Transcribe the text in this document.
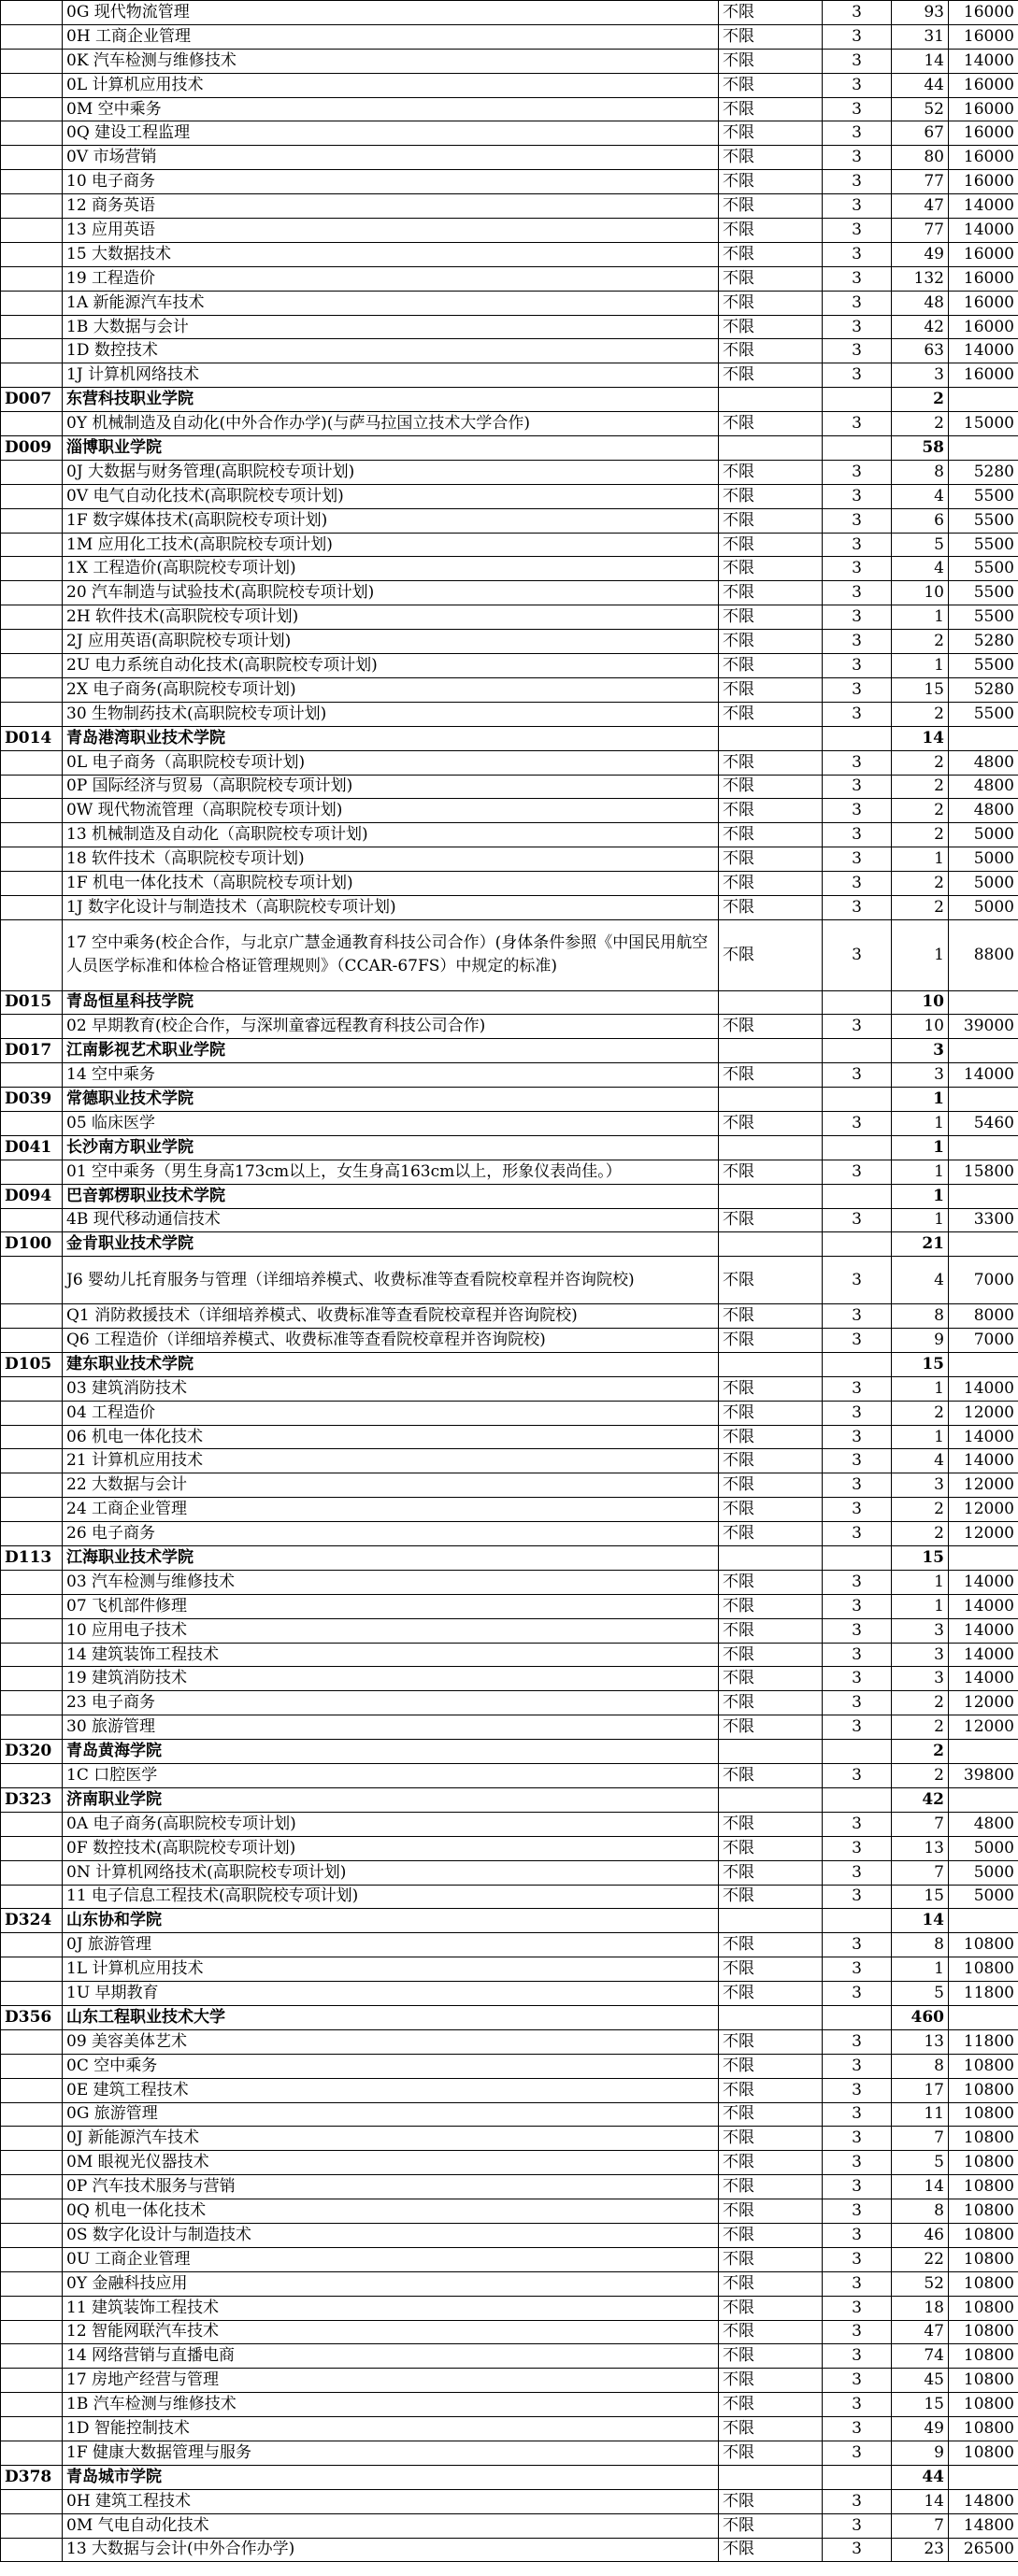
	0G 现代物流管理	不限	3	93	16000
	0H 工商企业管理	不限	3	31	16000
	0K 汽车检测与维修技术	不限	3	14	14000
	0L 计算机应用技术	不限	3	44	16000
	0M 空中乘务	不限	3	52	16000
	0Q 建设工程监理	不限	3	67	16000
	0V 市场营销	不限	3	80	16000
	10 电子商务	不限	3	77	16000
	12 商务英语	不限	3	47	14000
	13 应用英语	不限	3	77	14000
	15 大数据技术	不限	3	49	16000
	19 工程造价	不限	3	132	16000
	1A 新能源汽车技术	不限	3	48	16000
	1B 大数据与会计	不限	3	42	16000
	1D 数控技术	不限	3	63	14000
	1J 计算机网络技术	不限	3	3	16000
D007	东营科技职业学院			2	
	0Y 机械制造及自动化(中外合作办学)(与萨马拉国立技术大学合作)	不限	3	2	15000
D009	淄博职业学院			58	
	0J 大数据与财务管理(高职院校专项计划)	不限	3	8	5280
	0V 电气自动化技术(高职院校专项计划)	不限	3	4	5500
	1F 数字媒体技术(高职院校专项计划)	不限	3	6	5500
	1M 应用化工技术(高职院校专项计划)	不限	3	5	5500
	1X 工程造价(高职院校专项计划)	不限	3	4	5500
	20 汽车制造与试验技术(高职院校专项计划)	不限	3	10	5500
	2H 软件技术(高职院校专项计划)	不限	3	1	5500
	2J 应用英语(高职院校专项计划)	不限	3	2	5280
	2U 电力系统自动化技术(高职院校专项计划)	不限	3	1	5500
	2X 电子商务(高职院校专项计划)	不限	3	15	5280
	30 生物制药技术(高职院校专项计划)	不限	3	2	5500
D014	青岛港湾职业技术学院			14	
	0L 电子商务（高职院校专项计划)	不限	3	2	4800
	0P 国际经济与贸易（高职院校专项计划)	不限	3	2	4800
	0W 现代物流管理（高职院校专项计划)	不限	3	2	4800
	13 机械制造及自动化（高职院校专项计划)	不限	3	2	5000
	18 软件技术（高职院校专项计划)	不限	3	1	5000
	1F 机电一体化技术（高职院校专项计划)	不限	3	2	5000
	1J 数字化设计与制造技术（高职院校专项计划)	不限	3	2	5000
	17 空中乘务(校企合作，与北京广慧金通教育科技公司合作）(身体条件参照《中国民用航空人员医学标准和体检合格证管理规则》（CCAR-67FS）中规定的标准)	不限	3	1	8800
D015	青岛恒星科技学院			10	
	02 早期教育(校企合作，与深圳童睿远程教育科技公司合作)	不限	3	10	39000
D017	江南影视艺术职业学院			3	
	14 空中乘务	不限	3	3	14000
D039	常德职业技术学院			1	
	05 临床医学	不限	3	1	5460
D041	长沙南方职业学院			1	
	01 空中乘务（男生身高173cm以上，女生身高163cm以上，形象仪表尚佳。）	不限	3	1	15800
D094	巴音郭楞职业技术学院			1	
	4B 现代移动通信技术	不限	3	1	3300
D100	金肯职业技术学院			21	
	J6 婴幼儿托育服务与管理（详细培养模式、收费标准等查看院校章程并咨询院校)	不限	3	4	7000
	Q1 消防救援技术（详细培养模式、收费标准等查看院校章程并咨询院校)	不限	3	8	8000
	Q6 工程造价（详细培养模式、收费标准等查看院校章程并咨询院校)	不限	3	9	7000
D105	建东职业技术学院			15	
	03 建筑消防技术	不限	3	1	14000
	04 工程造价	不限	3	2	12000
	06 机电一体化技术	不限	3	1	14000
	21 计算机应用技术	不限	3	4	14000
	22 大数据与会计	不限	3	3	12000
	24 工商企业管理	不限	3	2	12000
	26 电子商务	不限	3	2	12000
D113	江海职业技术学院			15	
	03 汽车检测与维修技术	不限	3	1	14000
	07 飞机部件修理	不限	3	1	14000
	10 应用电子技术	不限	3	3	14000
	14 建筑装饰工程技术	不限	3	3	14000
	19 建筑消防技术	不限	3	3	14000
	23 电子商务	不限	3	2	12000
	30 旅游管理	不限	3	2	12000
D320	青岛黄海学院			2	
	1C 口腔医学	不限	3	2	39800
D323	济南职业学院			42	
	0A 电子商务(高职院校专项计划)	不限	3	7	4800
	0F 数控技术(高职院校专项计划)	不限	3	13	5000
	0N 计算机网络技术(高职院校专项计划)	不限	3	7	5000
	11 电子信息工程技术(高职院校专项计划)	不限	3	15	5000
D324	山东协和学院			14	
	0J 旅游管理	不限	3	8	10800
	1L 计算机应用技术	不限	3	1	10800
	1U 早期教育	不限	3	5	11800
D356	山东工程职业技术大学			460	
	09 美容美体艺术	不限	3	13	11800
	0C 空中乘务	不限	3	8	10800
	0E 建筑工程技术	不限	3	17	10800
	0G 旅游管理	不限	3	11	10800
	0J 新能源汽车技术	不限	3	7	10800
	0M 眼视光仪器技术	不限	3	5	10800
	0P 汽车技术服务与营销	不限	3	14	10800
	0Q 机电一体化技术	不限	3	8	10800
	0S 数字化设计与制造技术	不限	3	46	10800
	0U 工商企业管理	不限	3	22	10800
	0Y 金融科技应用	不限	3	52	10800
	11 建筑装饰工程技术	不限	3	18	10800
	12 智能网联汽车技术	不限	3	47	10800
	14 网络营销与直播电商	不限	3	74	10800
	17 房地产经营与管理	不限	3	45	10800
	1B 汽车检测与维修技术	不限	3	15	10800
	1D 智能控制技术	不限	3	49	10800
	1F 健康大数据管理与服务	不限	3	9	10800
D378	青岛城市学院			44	
	0H 建筑工程技术	不限	3	14	14800
	0M 气电自动化技术	不限	3	7	14800
	13 大数据与会计(中外合作办学)	不限	3	23	26500
